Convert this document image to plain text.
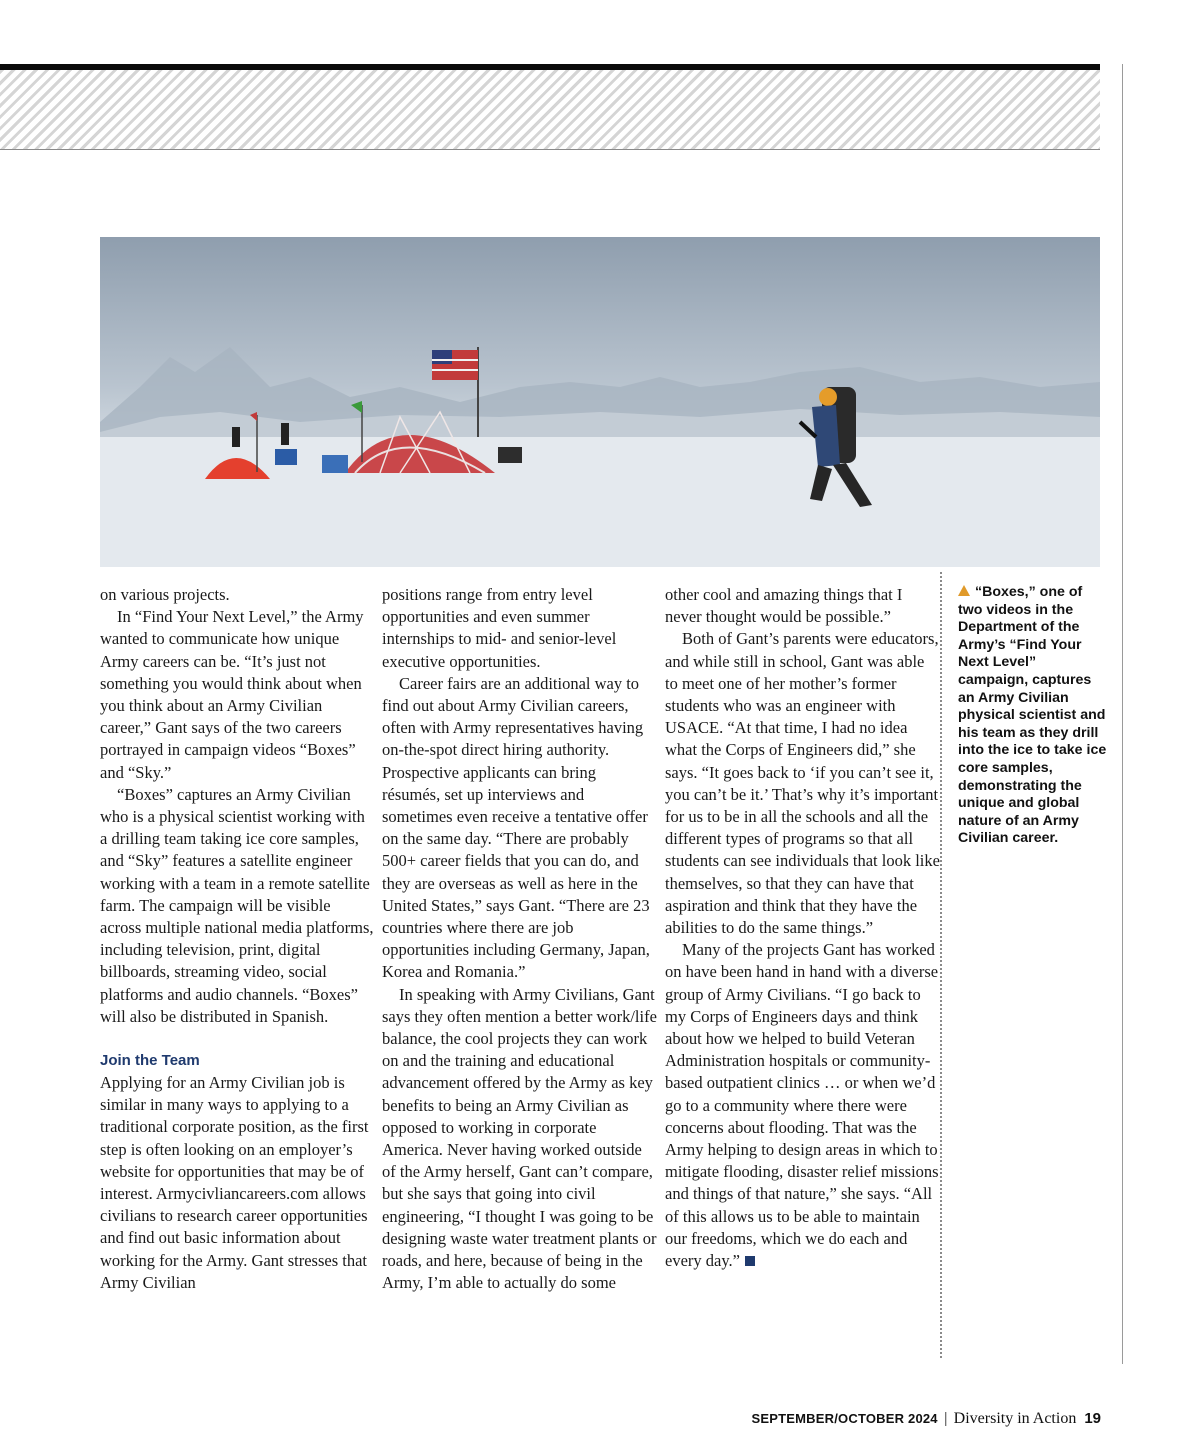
on various projects.

In “Find Your Next Level,” the Army wanted to communicate how unique Army careers can be. “It’s just not something you would think about when you think about an Army Civilian career,” Gant says of the two careers portrayed in campaign videos “Boxes” and “Sky.”

“Boxes” captures an Army Civilian who is a physical scientist working with a drilling team taking ice core samples, and “Sky” features a satellite engineer working with a team in a remote satellite farm. The campaign will be visible across multiple national media platforms, including television, print, digital billboards, streaming video, social platforms and audio channels. “Boxes” will also be distributed in Spanish.

Join the Team

Applying for an Army Civilian job is similar in many ways to applying to a traditional corporate position, as the first step is often looking on an employer’s website for opportunities that may be of interest. Armycivliancareers.com allows civilians to research career opportunities and find out basic information about working for the Army. Gant stresses that Army Civilian

positions range from entry level opportunities and even summer internships to mid- and senior-level executive opportunities.

Career fairs are an additional way to find out about Army Civilian careers, often with Army representatives having on-the-spot direct hiring authority. Prospective applicants can bring résumés, set up interviews and sometimes even receive a tentative offer on the same day. “There are probably 500+ career fields that you can do, and they are overseas as well as here in the United States,” says Gant. “There are 23 countries where there are job opportunities including Germany, Japan, Korea and Romania.”

In speaking with Army Civilians, Gant says they often mention a better work/life balance, the cool projects they can work on and the training and educational advancement offered by the Army as key benefits to being an Army Civilian as opposed to working in corporate America. Never having worked outside of the Army herself, Gant can’t compare, but she says that going into civil engineering, “I thought I was going to be designing waste water treatment plants or roads, and here, because of being in the Army, I’m able to actually do some

other cool and amazing things that I never thought would be possible.”

Both of Gant’s parents were educators, and while still in school, Gant was able to meet one of her mother’s former students who was an engineer with USACE. “At that time, I had no idea what the Corps of Engineers did,” she says. “It goes back to ‘if you can’t see it, you can’t be it.’ That’s why it’s important for us to be in all the schools and all the different types of programs so that all students can see individuals that look like themselves, so that they can have that aspiration and think that they have the abilities to do the same things.”

Many of the projects Gant has worked on have been hand in hand with a diverse group of Army Civilians. “I go back to my Corps of Engineers days and think about how we helped to build Veteran Administration hospitals or community-based outpatient clinics … or when we’d go to a community where there were concerns about flooding. That was the Army helping to design areas in which to mitigate flooding, disaster relief missions and things of that nature,” she says. “All of this allows us to be able to maintain our freedoms, which we do each and every day.”

“Boxes,” one of two videos in the Department of the Army’s “Find Your Next Level” campaign, captures an Army Civilian physical scientist and his team as they drill into the ice to take ice core samples, demonstrating the unique and global nature of an Army Civilian career.
SEPTEMBER/OCTOBER 2024 | Diversity in Action 19
